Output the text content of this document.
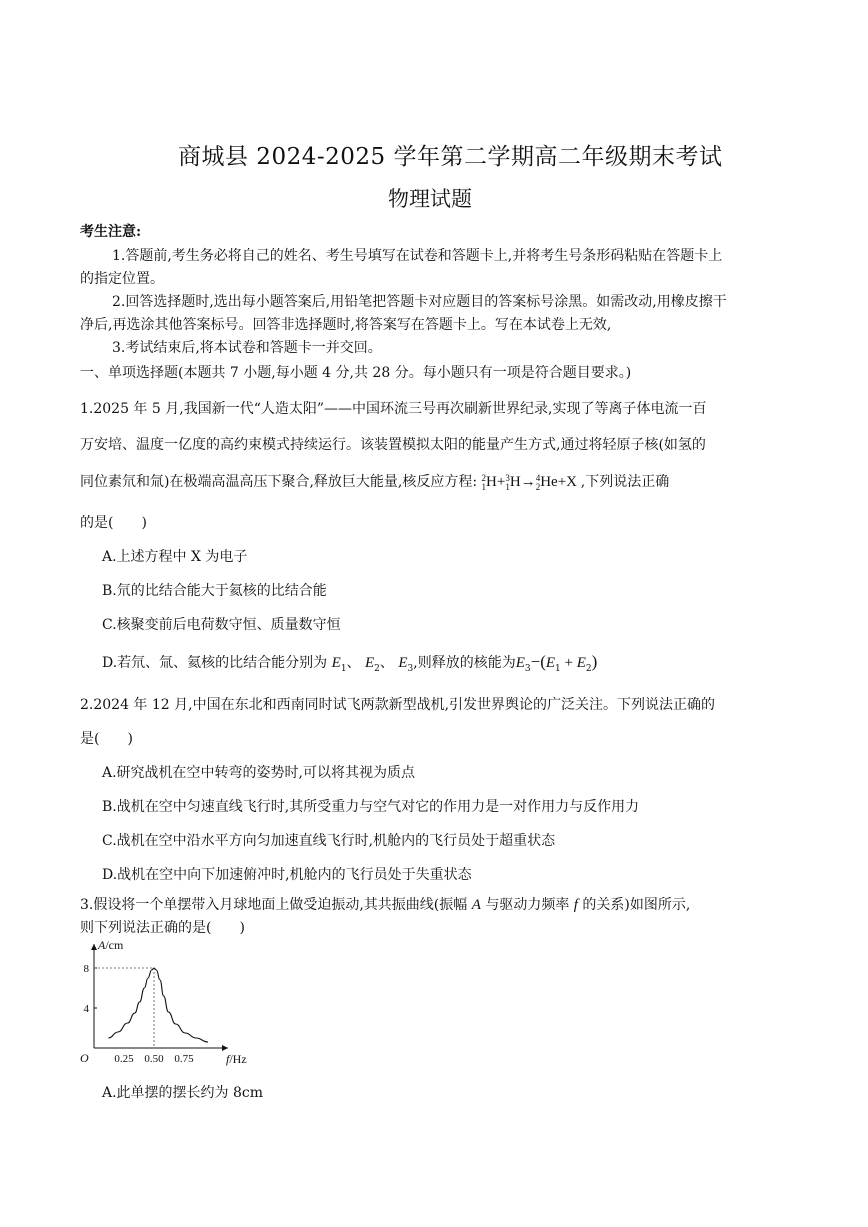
商城县 2024-2025 学年第二学期高二年级期末考试
物理试题
考生注意:
1.答题前,考生务必将自己的姓名、考生号填写在试卷和答题卡上,并将考生号条形码粘贴在答题卡上
的指定位置。
2.回答选择题时,选出每小题答案后,用铅笔把答题卡对应题目的答案标号涂黑。如需改动,用橡皮擦干
净后,再选涂其他答案标号。回答非选择题时,将答案写在答题卡上。写在本试卷上无效,
3.考试结束后,将本试卷和答题卡一并交回。
一、单项选择题(本题共 7 小题,每小题 4 分,共 28 分。每小题只有一项是符合题目要求。)
1.2025 年 5 月,我国新一代“人造太阳”——中国环流三号再次刷新世界纪录,实现了等离子体电流一百
万安培、温度一亿度的高约束模式持续运行。该装置模拟太阳的能量产生方式,通过将轻原子核(如氢的
同位素氘和氚)在极端高温高压下聚合,释放巨大能量,核反应方程: 2
1 H+ 3
1 H→ 4
2 He+X ,下列说法正确
的是(　　)
A.上述方程中 X 为电子
B.氘的比结合能大于氦核的比结合能
C.核聚变前后电荷数守恒、质量数守恒
D.若氘、氚、氦核的比结合能分别为 $E_1$、 $E_2$、 $E_3$,则释放的核能为$E_3-(E_1 + E_2)$
2.2024 年 12 月,中国在东北和西南同时试飞两款新型战机,引发世界舆论的广泛关注。下列说法正确的
是(　　)
A.研究战机在空中转弯的姿势时,可以将其视为质点
B.战机在空中匀速直线飞行时,其所受重力与空气对它的作用力是一对作用力与反作用力
C.战机在空中沿水平方向匀加速直线飞行时,机舱内的飞行员处于超重状态
D.战机在空中向下加速俯冲时,机舱内的飞行员处于失重状态
3.假设将一个单摆带入月球地面上做受迫振动,其共振曲线(振幅 A 与驱动力频率 f 的关系)如图所示,
则下列说法正确的是(　　)
A/cm
f/Hz
O 0.25 0.50 0.75
4
8
A.此单摆的摆长约为 8cm
